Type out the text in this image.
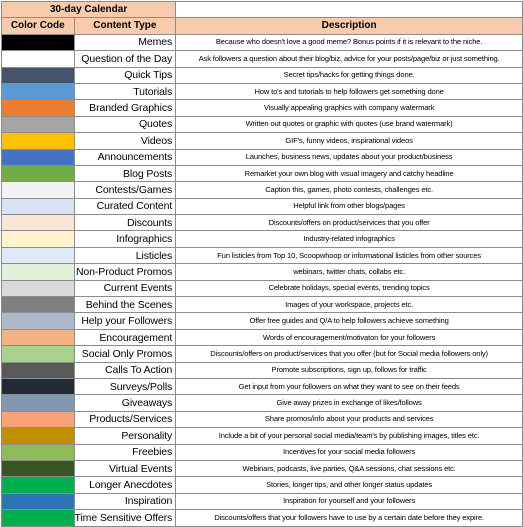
30-day Calendar		
Color Code	Content Type	Description
	Memes	Because who doesn't love a good meme? Bonus points if it is relevant to the niche.
	Question of the Day	Ask followers a question about their blog/biz, advice for your posts/page/biz or just something.
	Quick Tips	Secret tips/hacks for getting things done.
	Tutorials	How to's and tutorials to help followers get something done
	Branded Graphics	Visually appealing graphics with company watermark
	Quotes	Written out quotes or graphic with quotes (use brand watermark)
	Videos	GIF's, funny videos, inspirational videos
	Announcements	Launches, business news, updates about your product/business
	Blog Posts	Remarket your own blog with visual imagery and catchy headline
	Contests/Games	Caption this, games, photo contests, challenges etc.
	Curated Content	Helpful link from other blogs/pages
	Discounts	Discounts/offers on product/services that you offer
	Infographics	Industry-related infographics
	Listicles	Fun listicles from Top 10, Scoopwhoop or informational listicles from other sources
	Non-Product Promos	webinars, twitter chats, collabs etc.
	Current Events	Celebrate holidays, special events, trending topics
	Behind the Scenes	Images of your workspace, projects etc.
	Help your Followers	Offer free guides and Q/A to help followers achieve something
	Encouragement	Words of encouragement/motivaton for your followers
	Social Only Promos	Discounts/offers on product/services that you offer (but for Social media followers only)
	Calls To Action	Promote subscriptions, sign up, follows for traffic
	Surveys/Polls	Get input from your followers on what they want to see on their feeds
	Giveaways	Give away prizes in exchange of likes/follows
	Products/Services	Share promos/info about your products and services
	Personality	Include a bit of your personal social media/team's by publishing images, titles etc.
	Freebies	Incentives for your social media followers
	Virtual Events	Webinars, podcasts, live parties, Q&A sessions, chat sessions etc.
	Longer Anecdotes	Stories, longer tips, and other longer status updates
	Inspiration	Inspiration for yourself and your followers
	Time Sensitive Offers	Discounts/offers that your followers have to use by a certain date before they expire.
